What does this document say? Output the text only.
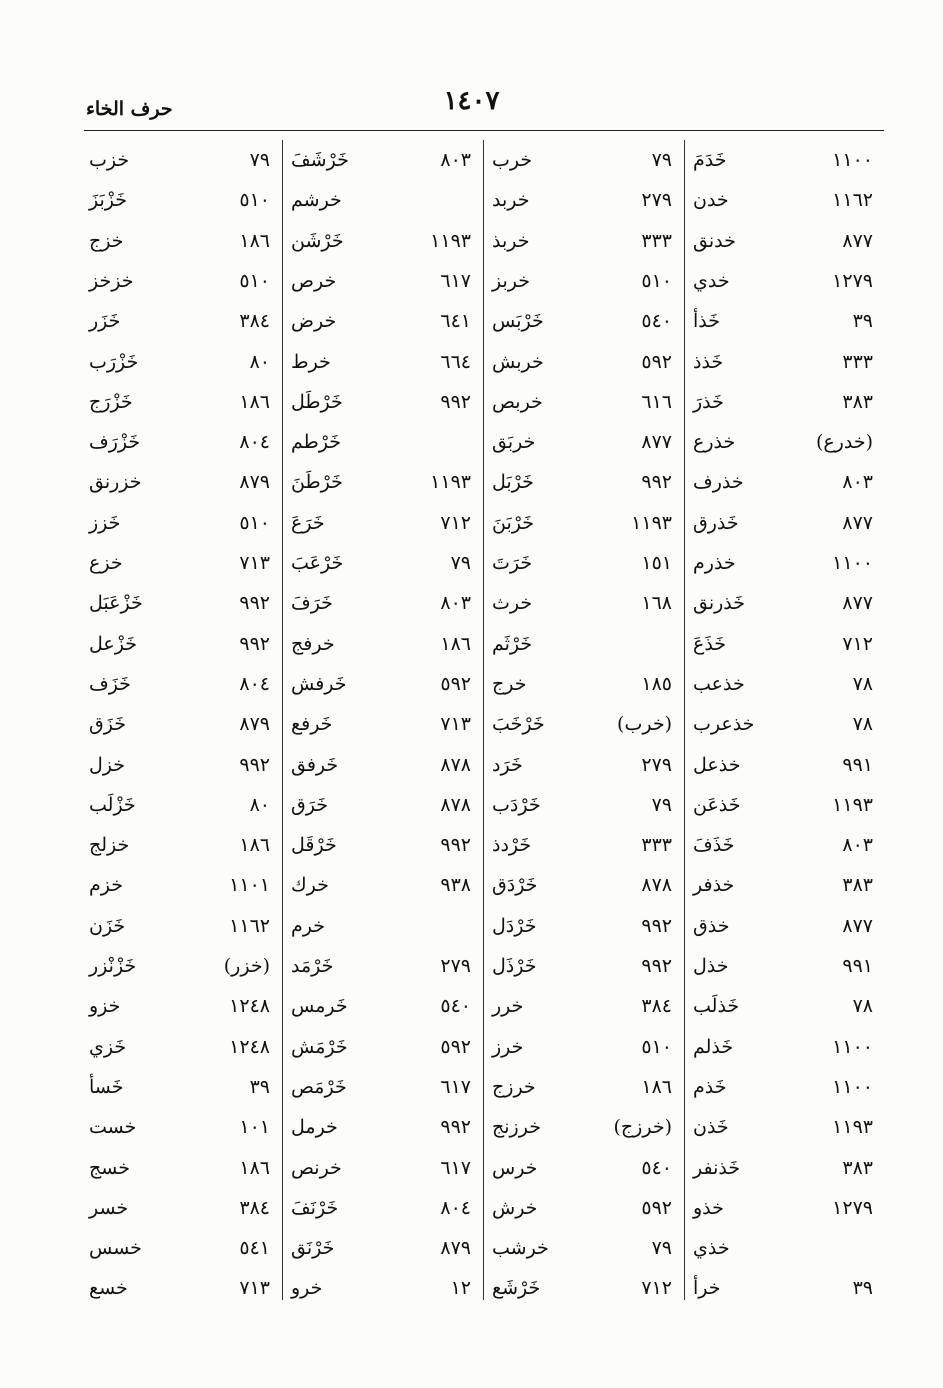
١٤٠٧
حرف الخاء
خَدَمَ	١١٠٠
خدن	١١٦٢
خدنق	٨٧٧
خدي	١٢٧٩
خَذأ	٣٩
خَذذ	٣٣٣
خَذرَ	٣٨٣
خذرع	(خدرع)
خذرف	٨٠٣
خَذرق	٨٧٧
خذرم	١١٠٠
خَذرنق	٨٧٧
خَذَعَ	٧١٢
خذعب	٧٨
خذعرب	٧٨
خذعل	٩٩١
خَذعَن	١١٩٣
خَذَفَ	٨٠٣
خذفر	٣٨٣
خذق	٨٧٧
خذل	٩٩١
خَذلَب	٧٨
خَذلم	١١٠٠
خَذم	١١٠٠
خَذن	١١٩٣
خَذنفر	٣٨٣
خذو	١٢٧٩
خذي
خرأ	٣٩
خرب	٧٩
خربد	٢٧٩
خربذ	٣٣٣
خربز	٥١٠
خَرْبَس	٥٤٠
خربش	٥٩٢
خربص	٦١٦
خربَق	٨٧٧
خَرْبَل	٩٩٢
خَرْبَنَ	١١٩٣
خَرَتَ	١٥١
خرث	١٦٨
خَرْثَم
خرج	١٨٥
خَرْخَبَ	(خرب)
خَرَد	٢٧٩
خَرْدَب	٧٩
خَرْدذ	٣٣٣
خَرْدَق	٨٧٨
خَرْدَل	٩٩٢
خَرْذَل	٩٩٢
خرر	٣٨٤
خرز	٥١٠
خرزج	١٨٦
خرزنج	(خرزج)
خرس	٥٤٠
خرش	٥٩٢
خرشب	٧٩
خَرْشَع	٧١٢
خَرْشَفَ	٨٠٣
خرشم
خَرْشَن	١١٩٣
خرص	٦١٧
خرض	٦٤١
خرط	٦٦٤
خَرْطَل	٩٩٢
خَرْطم
خَرْطَنَ	١١٩٣
خَرَعَ	٧١٢
خَرْعَبَ	٧٩
خَرَفَ	٨٠٣
خرفج	١٨٦
خَرفش	٥٩٢
خَرفع	٧١٣
خَرفق	٨٧٨
خَرَق	٨٧٨
خَرْقَل	٩٩٢
خرك	٩٣٨
خرم
خَرْمَد	٢٧٩
خَرمس	٥٤٠
خَرْمَش	٥٩٢
خَرْمَص	٦١٧
خرمل	٩٩٢
خرنص	٦١٧
خَرْنَفَ	٨٠٤
خَرْنَق	٨٧٩
خرو	١٢
خزب	٧٩
خَزْبَزَ	٥١٠
خزج	١٨٦
خزخز	٥١٠
خَزَر	٣٨٤
خَزْرَب	٨٠
خَزْرَج	١٨٦
خَزْرَف	٨٠٤
خزرنق	٨٧٩
خَزز	٥١٠
خزع	٧١٣
خَزْعَبَل	٩٩٢
خَزْعل	٩٩٢
خَزَف	٨٠٤
خَزَق	٨٧٩
خزل	٩٩٢
خَزْلَب	٨٠
خزلج	١٨٦
خزم	١١٠١
خَزَن	١١٦٢
خَزْنْزر	(خزر)
خزو	١٢٤٨
خَزي	١٢٤٨
خَسأ	٣٩
خست	١٠١
خسج	١٨٦
خسر	٣٨٤
خسس	٥٤١
خسع	٧١٣
